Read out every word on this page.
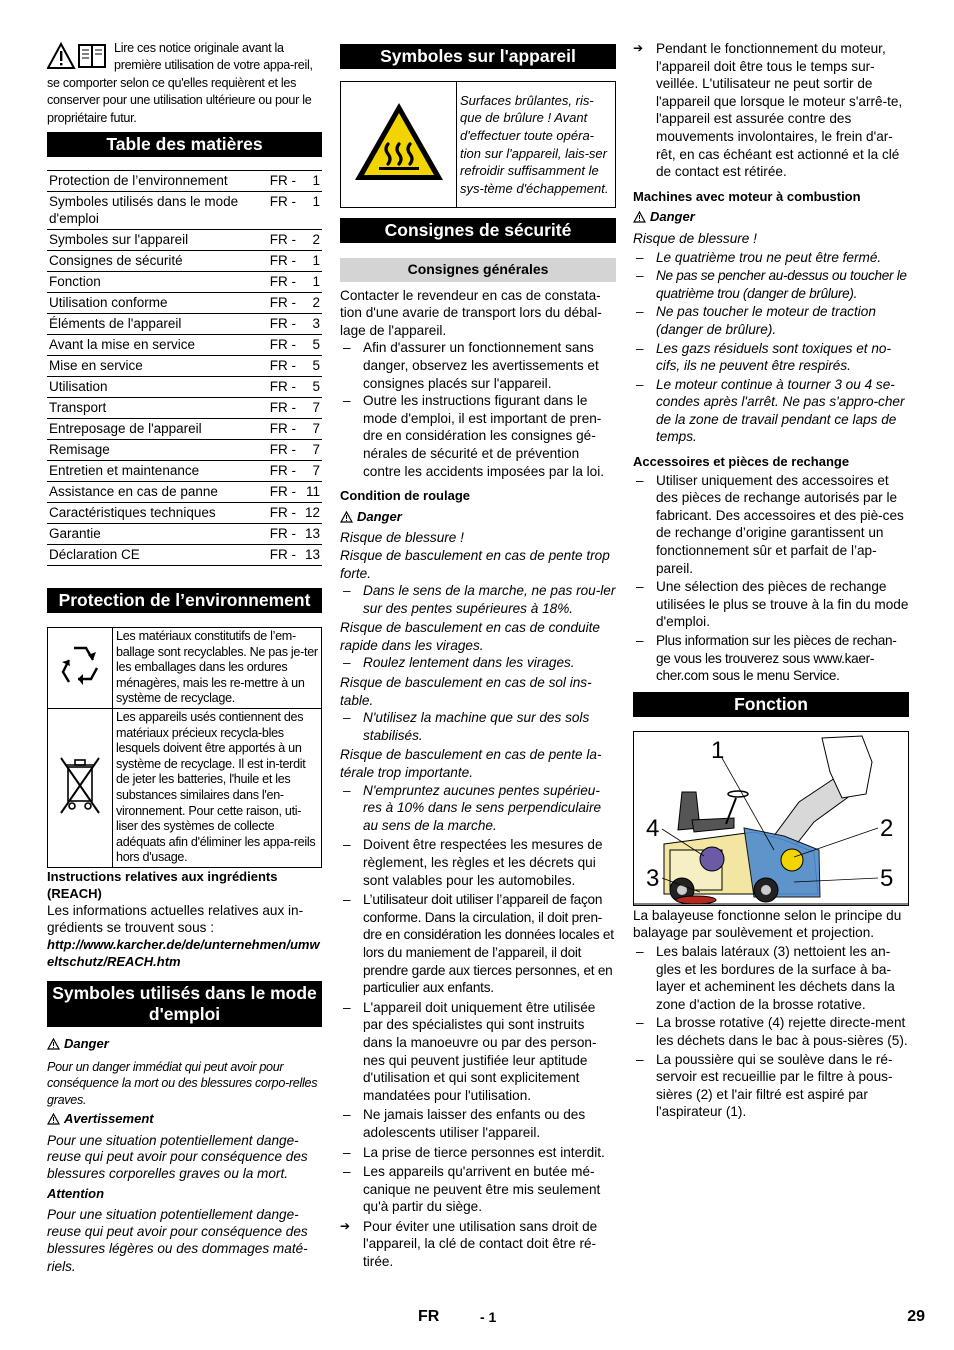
Lire ces notice originale avant la première utilisation de votre appa-reil, se comporter selon ce qu'elles requièrent et les conserver pour une utilisation ultérieure ou pour le propriétaire futur.
Table des matières
Protection de l’environnement	FR -	1
Symboles utilisés dans le mode d'emploi	FR -	1
Symboles sur l'appareil	FR -	2
Consignes de sécurité	FR -	1
Fonction	FR -	1
Utilisation conforme	FR -	2
Éléments de l'appareil	FR -	3
Avant la mise en service	FR -	5
Mise en service	FR -	5
Utilisation	FR -	5
Transport	FR -	7
Entreposage de l'appareil	FR -	7
Remisage	FR -	7
Entretien et maintenance	FR -	7
Assistance en cas de panne	FR -	11
Caractéristiques techniques	FR -	12
Garantie	FR -	13
Déclaration CE	FR -	13
Protection de l’environnement
	Les matériaux constitutifs de l’em-ballage sont recyclables. Ne pas je-ter les emballages dans les ordures ménagères, mais les re-mettre à un système de recyclage.
	Les appareils usés contiennent des matériaux précieux recycla-bles lesquels doivent être apportés à un système de recyclage. Il est in-terdit de jeter les batteries, l'huile et les substances similaires dans l'en-vironnement. Pour cette raison, uti-liser des systèmes de collecte adéquats afin d'éliminer les appa-reils hors d'usage.
Instructions relatives aux ingrédients (REACH)
Les informations actuelles relatives aux in-grédients se trouvent sous :
http://www.karcher.de/de/unternehmen/umweltschutz/REACH.htm
Symboles utilisés dans le mode d'emploi
Danger
Pour un danger immédiat qui peut avoir pour conséquence la mort ou des blessures corpo-relles graves.
Avertissement
Pour une situation potentiellement dange-reuse qui peut avoir pour conséquence des blessures corporelles graves ou la mort.
Attention
Pour une situation potentiellement dange-reuse qui peut avoir pour conséquence des blessures légères ou des dommages maté-riels.
Symboles sur l'appareil
	Surfaces brûlantes, ris-que de brûlure ! Avant d'effectuer toute opéra-tion sur l'appareil, lais-ser refroidir suffisamment le sys-tème d'échappement.
Consignes de sécurité
Consignes générales
Contacter le revendeur en cas de constata-tion d'une avarie de transport lors du débal-lage de l'appareil.
– Afin d'assurer un fonctionnement sans danger, observez les avertissements et consignes placés sur l'appareil.
– Outre les instructions figurant dans le mode d'emploi, il est important de pren-dre en considération les consignes gé-nérales de sécurité et de prévention contre les accidents imposées par la loi.
Condition de roulage
Danger
Risque de blessure !
Risque de basculement en cas de pente trop forte.
– Dans le sens de la marche, ne pas rou-ler sur des pentes supérieures à 18%.
Risque de basculement en cas de conduite rapide dans les virages.
– Roulez lentement dans les virages.
Risque de basculement en cas de sol ins-table.
– N'utilisez la machine que sur des sols stabilisés.
Risque de basculement en cas de pente la-térale trop importante.
– N'empruntez aucunes pentes supérieu-res à 10% dans le sens perpendiculaire au sens de la marche.
– Doivent être respectées les mesures de règlement, les règles et les décrets qui sont valables pour les automobiles.
– L’utilisateur doit utiliser l’appareil de façon conforme. Dans la circulation, il doit pren-dre en considération les données locales et lors du maniement de l’appareil, il doit prendre garde aux tierces personnes, et en particulier aux enfants.
– L'appareil doit uniquement être utilisée par des spécialistes qui sont instruits dans la manoeuvre ou par des person-nes qui peuvent justifiée leur aptitude d'utilisation et qui sont explicitement mandatées pour l'utilisation.
– Ne jamais laisser des enfants ou des adolescents utiliser l'appareil.
– La prise de tierce personnes est interdit.
– Les appareils qu'arrivent en butée mé-canique ne peuvent être mis seulement qu'à partir du siège.
➔ Pour éviter une utilisation sans droit de l'appareil, la clé de contact doit être ré-tirée.
➔ Pendant le fonctionnement du moteur, l'appareil doit être tous le temps sur-veillée. L'utilisateur ne peut sortir de l'appareil que lorsque le moteur s'arrê-te, l'appareil est assurée contre des mouvements involontaires, le frein d'ar-rêt, en cas échéant est actionné et la clé de contact est rétirée.
Machines avec moteur à combustion
Danger
Risque de blessure !
– Le quatrième trou ne peut être fermé.
– Ne pas se pencher au-dessus ou toucher le quatrième trou (danger de brûlure).
– Ne pas toucher le moteur de traction (danger de brûlure).
– Les gazs résiduels sont toxiques et no-cifs, ils ne peuvent être respirés.
– Le moteur continue à tourner 3 ou 4 se-condes après l'arrêt. Ne pas s'appro-cher de la zone de travail pendant ce laps de temps.
Accessoires et pièces de rechange
– Utiliser uniquement des accessoires et des pièces de rechange autorisés par le fabricant. Des accessoires et des piè-ces de rechange d’origine garantissent un fonctionnement sûr et parfait de l’ap-pareil.
– Une sélection des pièces de rechange utilisées le plus se trouve à la fin du mode d'emploi.
– Plus information sur les pièces de rechan-ge vous les trouverez sous www.kaer-cher.com sous le menu Service.
Fonction
1
2
3
4
5
La balayeuse fonctionne selon le principe du balayage par soulèvement et projection.
– Les balais latéraux (3) nettoient les an-gles et les bordures de la surface à ba-layer et acheminent les déchets dans la zone d'action de la brosse rotative.
– La brosse rotative (4) rejette directe-ment les déchets dans le bac à pous-sières (5).
– La poussière qui se soulève dans le ré-servoir est recueillie par le filtre à pous-sières (2) et l'air filtré est aspiré par l'aspirateur (1).
FR	- 1	29
